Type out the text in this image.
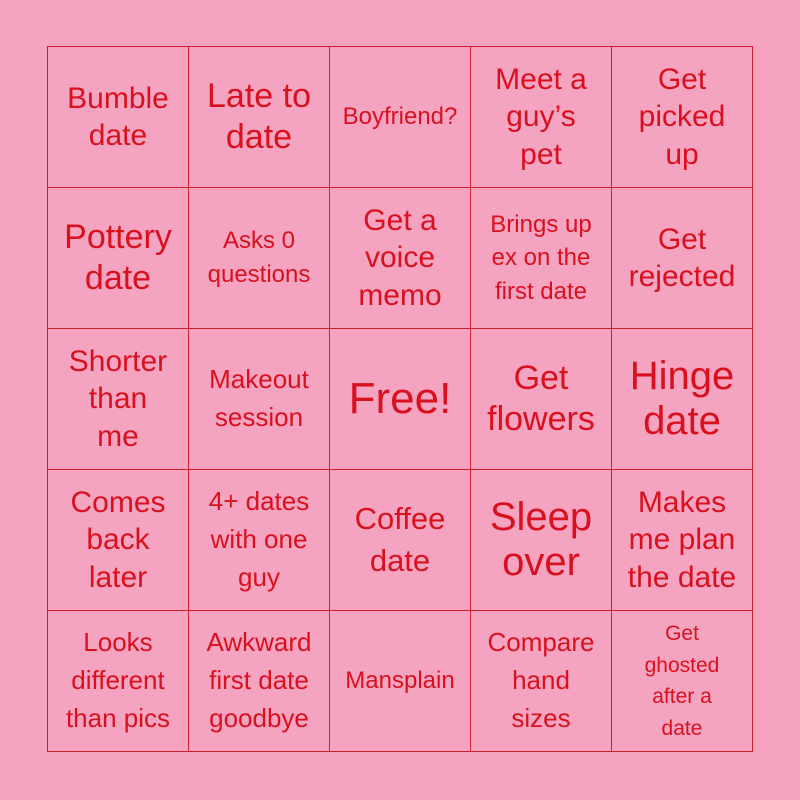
Bumble
date
Late to
date
Boyfriend?
Meet a
guy’s
pet
Get
picked
up
Pottery
date
Asks 0
questions
Get a
voice
memo
Brings up
ex on the
first date
Get
rejected
Shorter
than
me
Makeout
session	Free!	Get
flowers
Hinge
date
Comes
back
later
4+ dates
with one
guy
Coffee
date
Sleep
over
Makes
me plan
the date
Looks
different
than pics
Awkward
first date
goodbye
Mansplain
Compare
hand
sizes
Get
ghosted
after a
date
